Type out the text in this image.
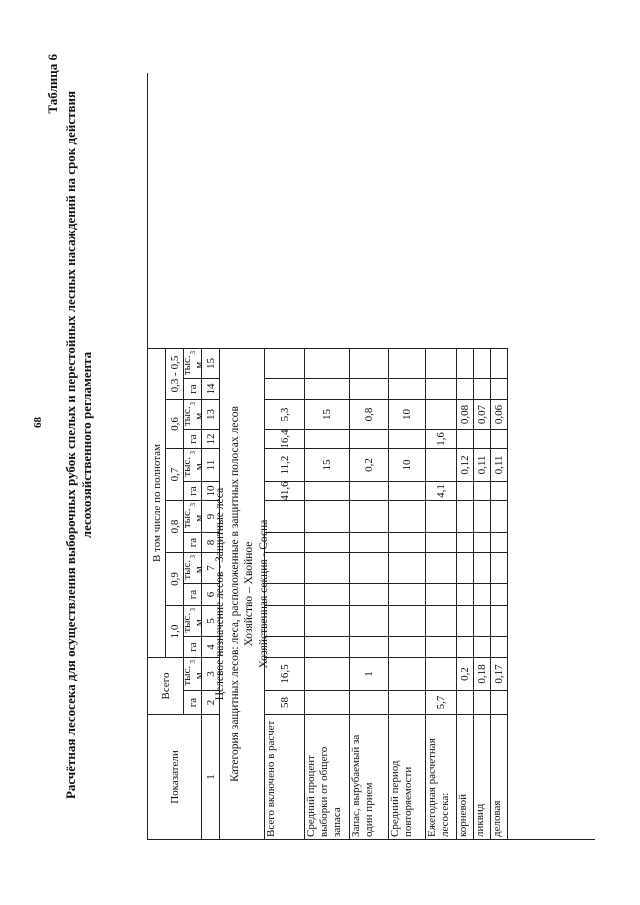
68
Таблица 6
Расчётная лесосека для осуществления выборочных рубок спелых и перестойных лесных насаждений на срок действия лесохозяйственного регламента
Показатели
Всего
В том числе по полнотам
1,0
0,9
0,8
0,7
0,6
0,3 - 0,5
га
тыс. м
3
га
тыс. м
3
га
тыс. м
3
га
тыс. м
3
га
тыс. м
3
га
тыс. м
3
га
тыс. м
3
1
2
3
4
5
6
7
8
9
10
11
12
13
14
15
Целевое назначение лесов - Защитные леса Категория защитных лесов: леса, расположенные в защитных полосах лесов Хозяйство – Хвойное Хозяйственная секция - Сосна
Всего включено в расчет
58
16,5
41,6
11,2
16,4
5,3
Средний процент выборки от общего запаса
15
15
Запас, вырубаемый за один прием
1
0,2
0,8
Средний период повторяемости
10
10
Ежегодная расчетная лесосека:
5,7
4,1
1,6
корневой
0,2
0,12
0,08
ликвид
0,18
0,11
0,07
деловая
0,17
0,11
0,06
